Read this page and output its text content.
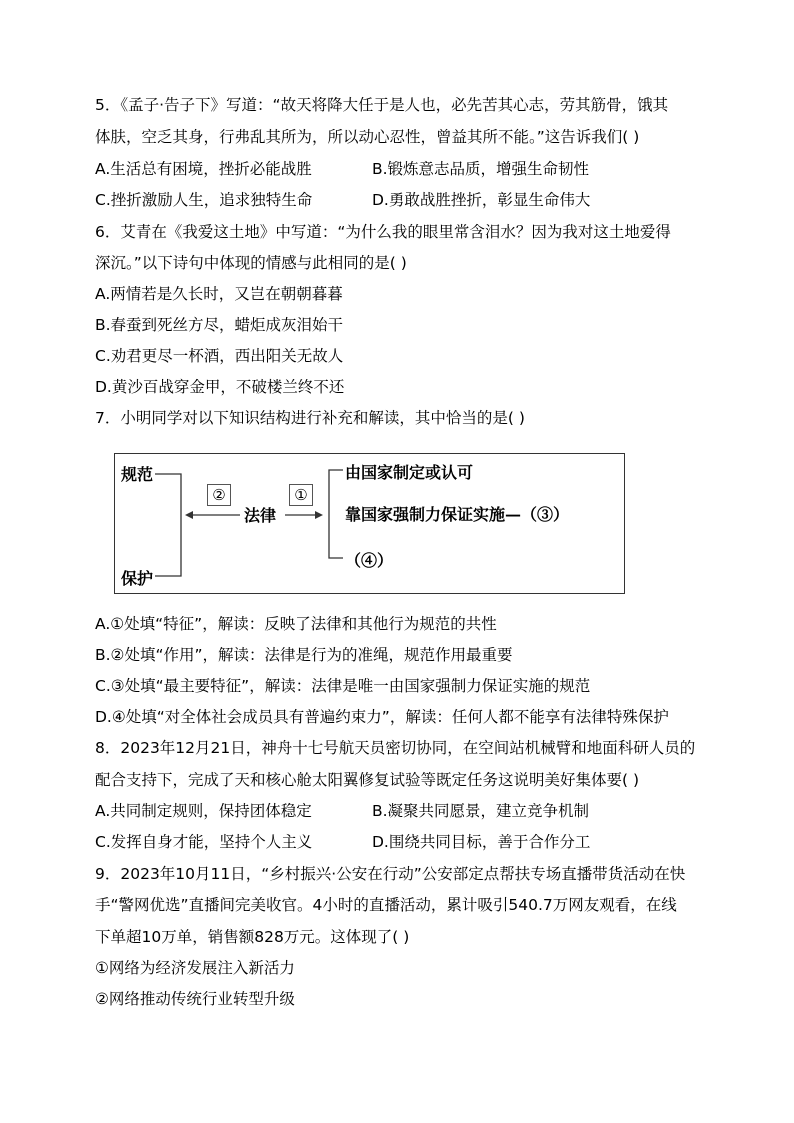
5．《孟子·告子下》写道：“故天将降大任于是人也，必先苦其心志，劳其筋骨，饿其
体肤，空乏其身，行弗乱其所为，所以动心忍性，曾益其所不能。”这告诉我们( )
A.生活总有困境，挫折必能战胜	B.锻炼意志品质，增强生命韧性
C.挫折激励人生，追求独特生命	D.勇敢战胜挫折，彰显生命伟大
6．艾青在《我爱这土地》中写道：“为什么我的眼里常含泪水？因为我对这土地爱得
深沉。”以下诗句中体现的情感与此相同的是( )
A.两情若是久长时，又岂在朝朝暮暮
B.春蚕到死丝方尽，蜡炬成灰泪始干
C.劝君更尽一杯酒，西出阳关无故人
D.黄沙百战穿金甲，不破楼兰终不还
7．小明同学对以下知识结构进行补充和解读，其中恰当的是( )
规范
保护
②	①
法律
由国家制定或认可
靠国家强制力保证实施—（③）
（④）
A.①处填“特征”，解读：反映了法律和其他行为规范的共性
B.②处填“作用”，解读：法律是行为的准绳，规范作用最重要
C.③处填“最主要特征”，解读：法律是唯一由国家强制力保证实施的规范
D.④处填“对全体社会成员具有普遍约束力”，解读：任何人都不能享有法律特殊保护
8．2023年12月21日，神舟十七号航天员密切协同，在空间站机械臂和地面科研人员的
配合支持下，完成了天和核心舱太阳翼修复试验等既定任务这说明美好集体要( )
A.共同制定规则，保持团体稳定	B.凝聚共同愿景，建立竞争机制
C.发挥自身才能，坚持个人主义	D.围绕共同目标，善于合作分工
9．2023年10月11日，“乡村振兴·公安在行动”公安部定点帮扶专场直播带货活动在快
手“警网优选”直播间完美收官。4小时的直播活动，累计吸引540.7万网友观看，在线
下单超10万单，销售额828万元。这体现了( )
①网络为经济发展注入新活力
②网络推动传统行业转型升级
